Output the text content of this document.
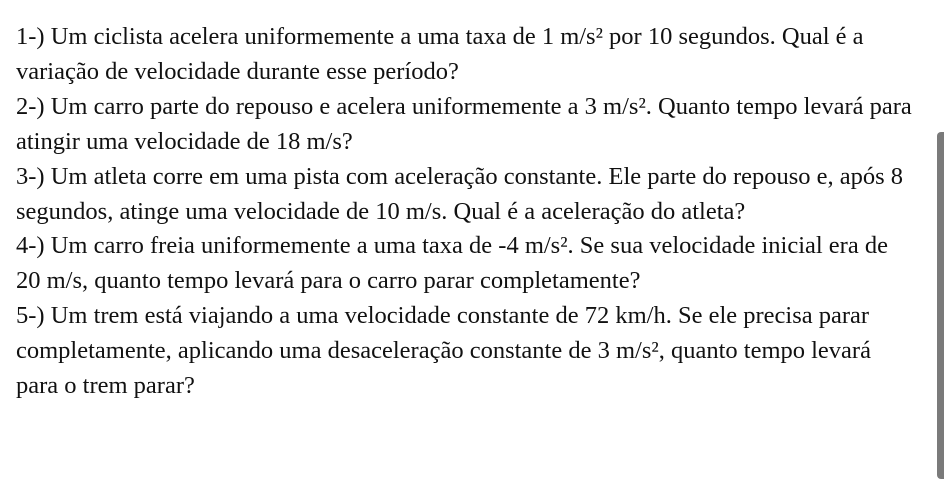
1-) Um ciclista acelera uniformemente a uma taxa de 1 m/s² por 10 segundos. Qual é a variação de velocidade durante esse período?

2-) Um carro parte do repouso e acelera uniformemente a 3 m/s². Quanto tempo levará para atingir uma velocidade de 18 m/s?

3-) Um atleta corre em uma pista com aceleração constante. Ele parte do repouso e, após 8 segundos, atinge uma velocidade de 10 m/s. Qual é a aceleração do atleta?

4-) Um carro freia uniformemente a uma taxa de -4 m/s². Se sua velocidade inicial era de 20 m/s, quanto tempo levará para o carro parar completamente?

5-) Um trem está viajando a uma velocidade constante de 72 km/h. Se ele precisa parar completamente, aplicando uma desaceleração constante de 3 m/s², quanto tempo levará para o trem parar?
